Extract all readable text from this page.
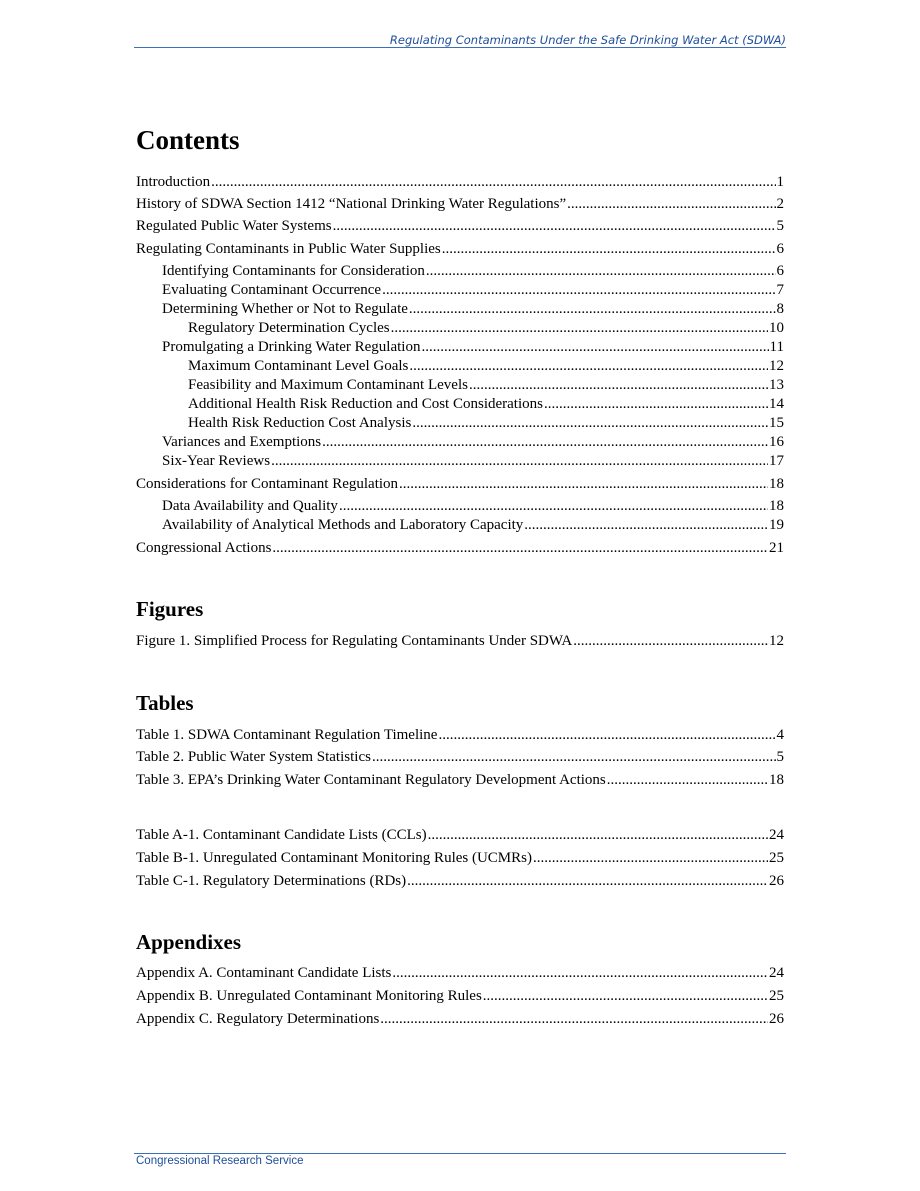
Regulating Contaminants Under the Safe Drinking Water Act (SDWA)
Contents
Introduction .....	1
History of SDWA Section 1412 “National Drinking Water Regulations” .....	2
Regulated Public Water Systems .....	5
Regulating Contaminants in Public Water Supplies .....	6
Identifying Contaminants for Consideration .....	6
Evaluating Contaminant Occurrence .....	7
Determining Whether or Not to Regulate .....	8
Regulatory Determination Cycles .....	10
Promulgating a Drinking Water Regulation .....	11
Maximum Contaminant Level Goals .....	12
Feasibility and Maximum Contaminant Levels .....	13
Additional Health Risk Reduction and Cost Considerations .....	14
Health Risk Reduction Cost Analysis .....	15
Variances and Exemptions .....	16
Six-Year Reviews .....	17
Considerations for Contaminant Regulation .....	18
Data Availability and Quality .....	18
Availability of Analytical Methods and Laboratory Capacity .....	19
Congressional Actions .....	21
Figures
Figure 1. Simplified Process for Regulating Contaminants Under SDWA .....	12
Tables
Table 1. SDWA Contaminant Regulation Timeline .....	4
Table 2. Public Water System Statistics .....	5
Table 3. EPA’s Drinking Water Contaminant Regulatory Development Actions .....	18
Table A-1. Contaminant Candidate Lists (CCLs) .....	24
Table B-1. Unregulated Contaminant Monitoring Rules (UCMRs) .....	25
Table C-1. Regulatory Determinations (RDs) .....	26
Appendixes
Appendix A. Contaminant Candidate Lists .....	24
Appendix B. Unregulated Contaminant Monitoring Rules .....	25
Appendix C. Regulatory Determinations .....	26
Congressional Research Service
